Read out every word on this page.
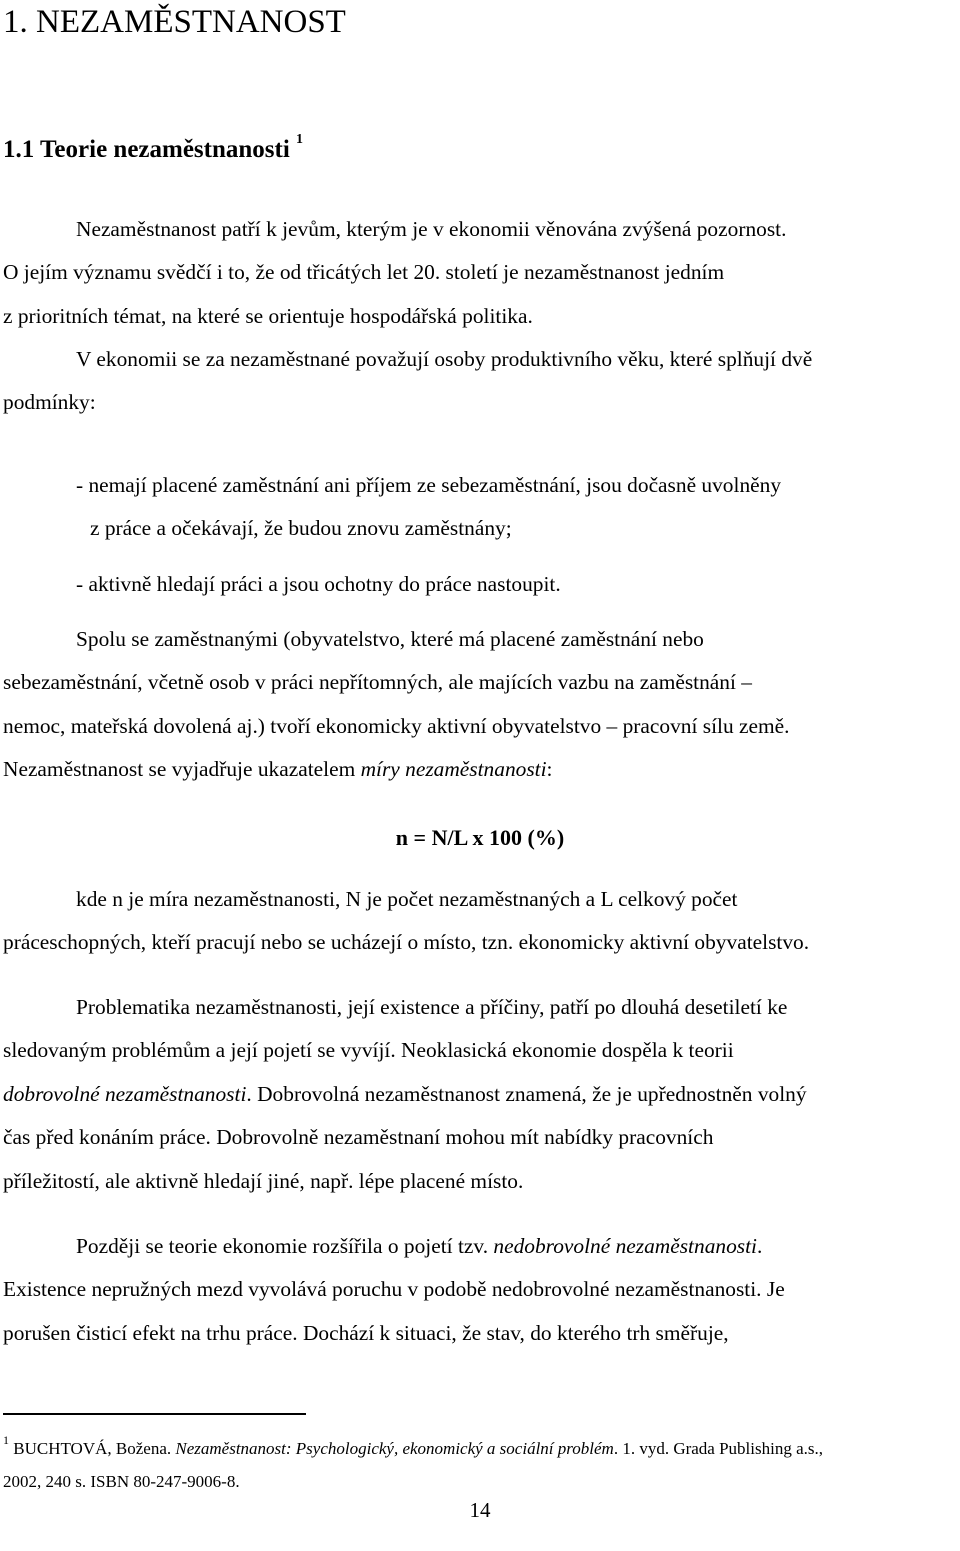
1. NEZAMĚSTNANOST
1.1 Teorie nezaměstnanosti $^1$
Nezaměstnanost patří k jevům, kterým je v ekonomii věnována zvýšená pozornost.
O jejím významu svědčí i to, že od třicátých let 20. století je nezaměstnanost jedním
z prioritních témat, na které se orientuje hospodářská politika.
V ekonomii se za nezaměstnané považují osoby produktivního věku, které splňují dvě
podmínky:
- nemají placené zaměstnání ani příjem ze sebezaměstnání, jsou dočasně uvolněny
z práce a očekávají, že budou znovu zaměstnány;
- aktivně hledají práci a jsou ochotny do práce nastoupit.
Spolu se zaměstnanými (obyvatelstvo, které má placené zaměstnání nebo
sebezaměstnání, včetně osob v práci nepřítomných, ale majících vazbu na zaměstnání –
nemoc, mateřská dovolená aj.) tvoří ekonomicky aktivní obyvatelstvo – pracovní sílu země.
Nezaměstnanost se vyjadřuje ukazatelem míry nezaměstnanosti:
n = N/L x 100 (%)
kde n je míra nezaměstnanosti, N je počet nezaměstnaných a L celkový počet
práceschopných, kteří pracují nebo se ucházejí o místo, tzn. ekonomicky aktivní obyvatelstvo.
Problematika nezaměstnanosti, její existence a příčiny, patří po dlouhá desetiletí ke
sledovaným problémům a její pojetí se vyvíjí. Neoklasická ekonomie dospěla k teorii
dobrovolné nezaměstnanosti. Dobrovolná nezaměstnanost znamená, že je upřednostněn volný
čas před konáním práce. Dobrovolně nezaměstnaní mohou mít nabídky pracovních
příležitostí, ale aktivně hledají jiné, např. lépe placené místo.
Později se teorie ekonomie rozšířila o pojetí tzv. nedobrovolné nezaměstnanosti.
Existence nepružných mezd vyvolává poruchu v podobě nedobrovolné nezaměstnanosti. Je
porušen čisticí efekt na trhu práce. Dochází k situaci, že stav, do kterého trh směřuje,
$^1$ BUCHTOVÁ, Božena. Nezaměstnanost: Psychologický, ekonomický a sociální problém. 1. vyd. Grada Publishing a.s.,
2002, 240 s. ISBN 80-247-9006-8.
14
